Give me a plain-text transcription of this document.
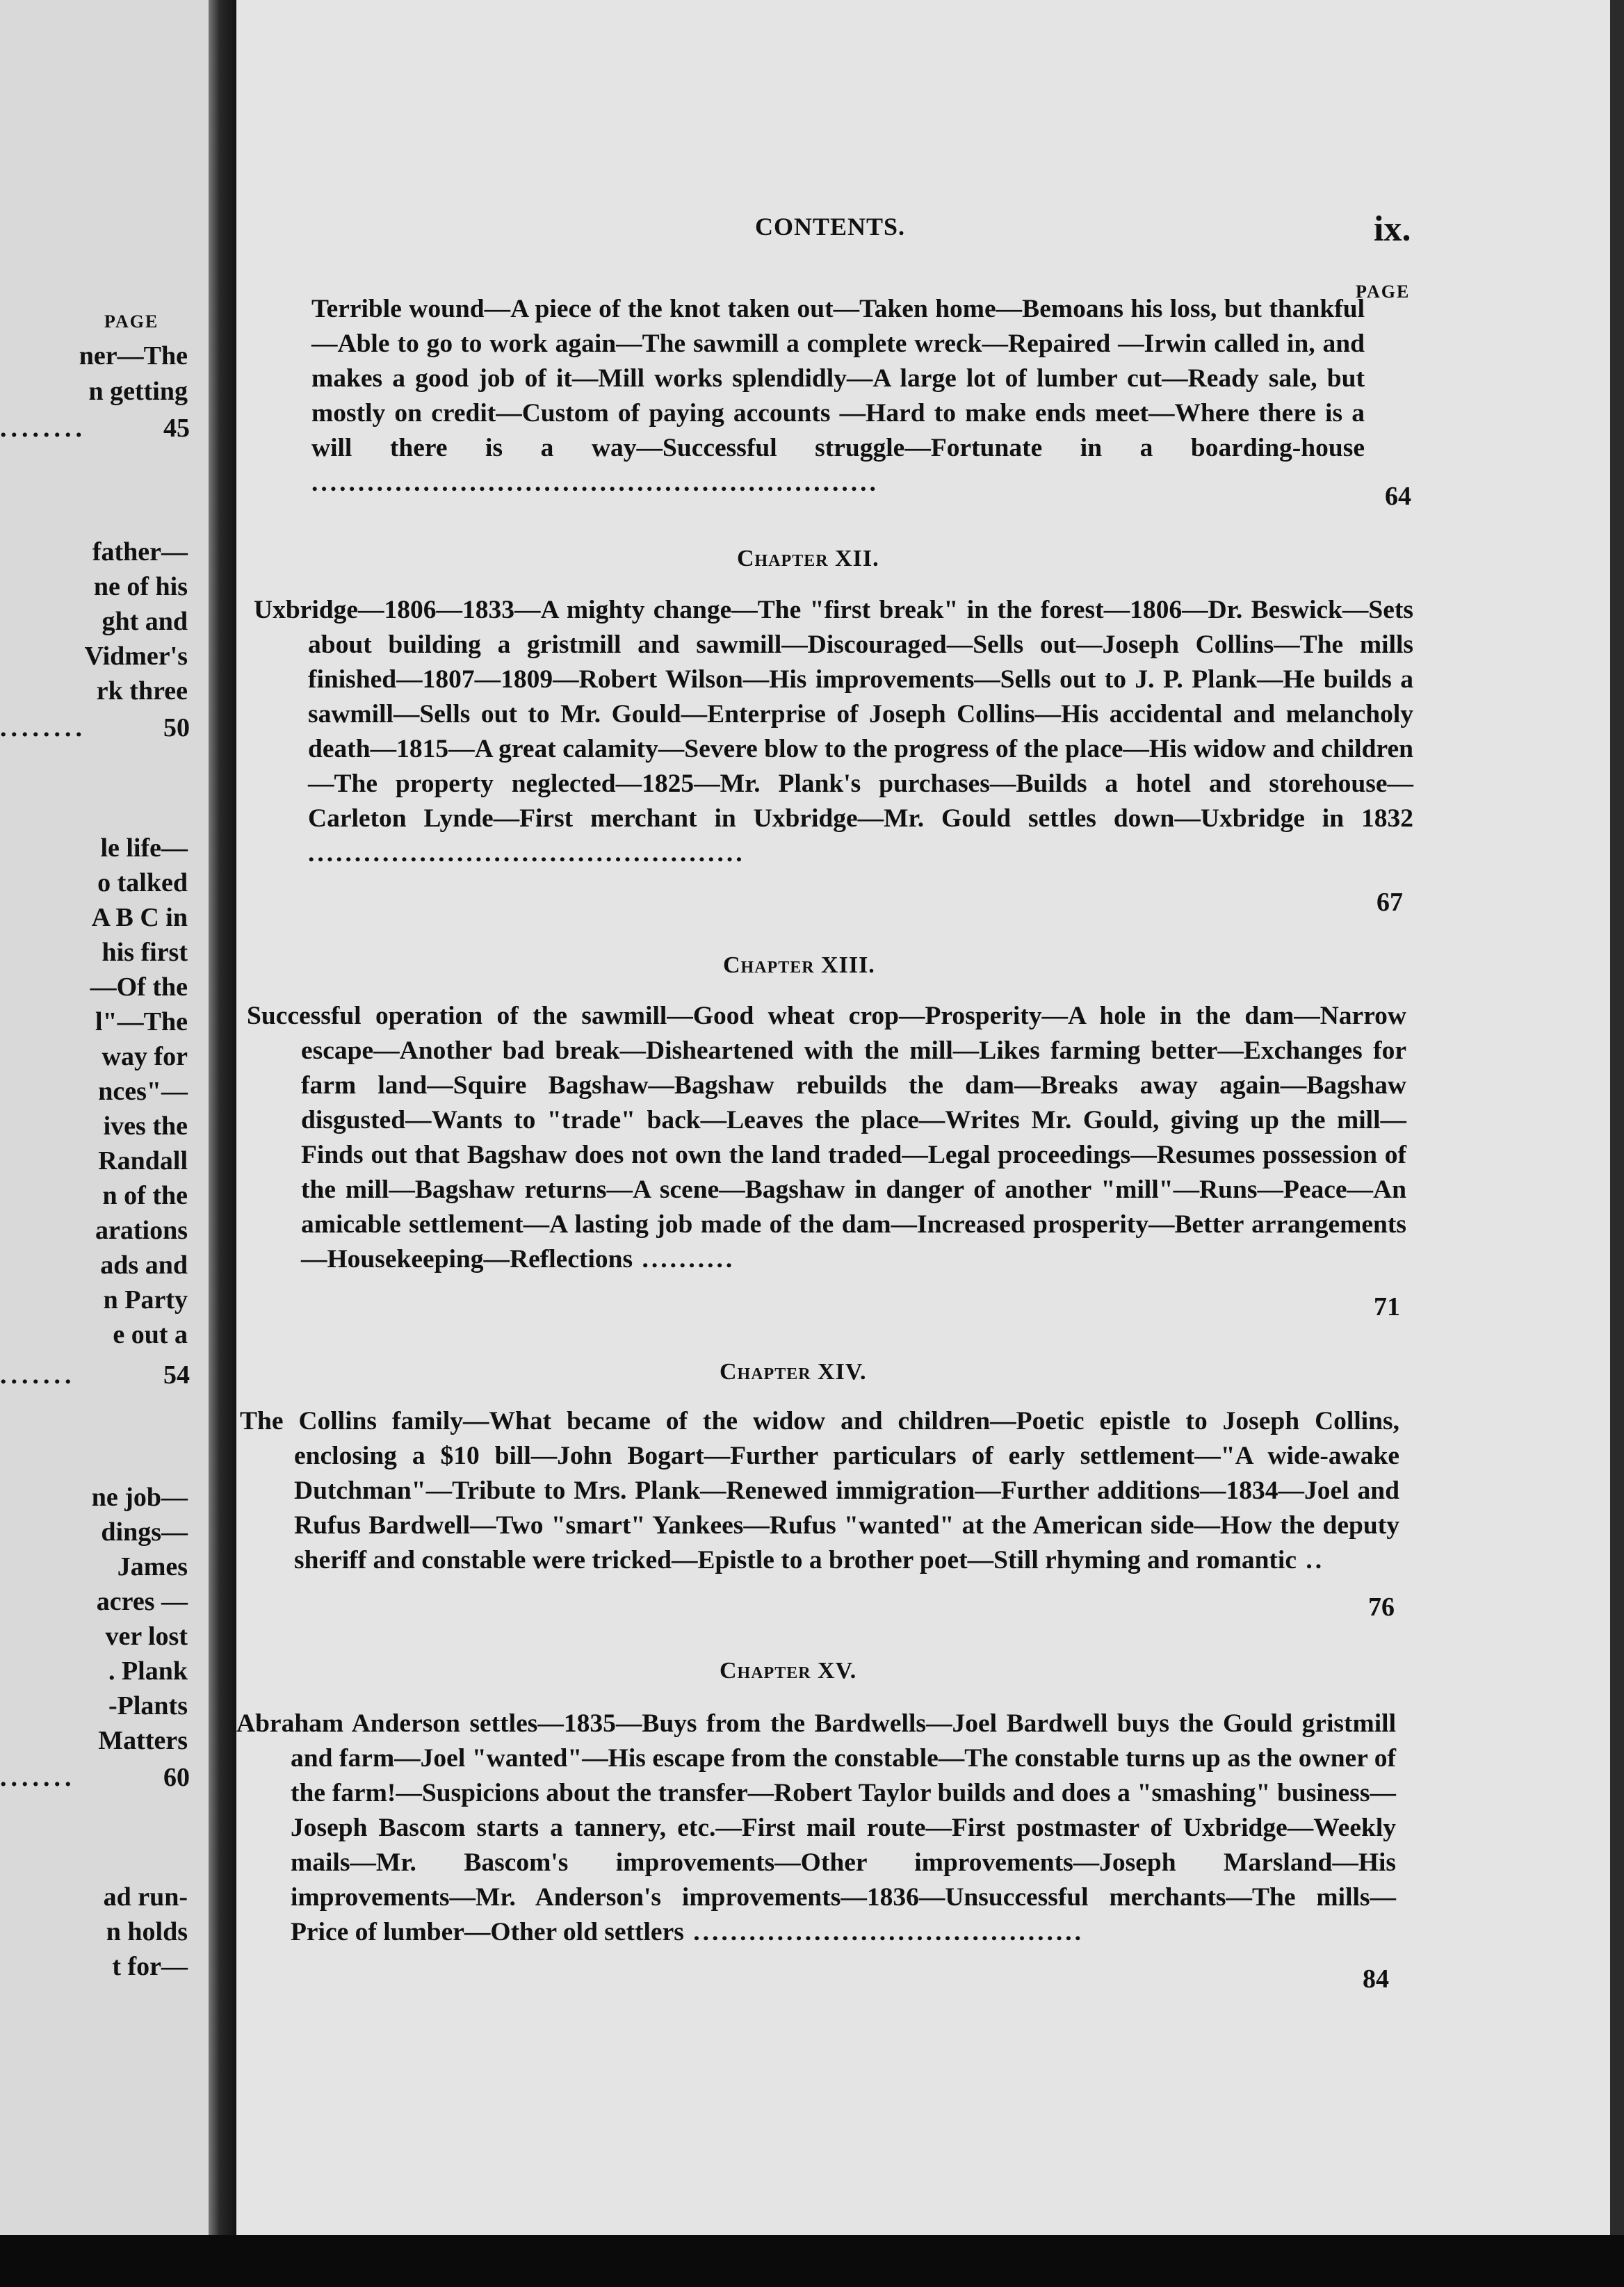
PAGE
ner—The
n getting
........	45
father—
ne of his
ght and
Vidmer's
rk three
........	50
le life—
o talked
A B C in
his first
—Of the
l"—The
way for
nces"—
ives the
Randall
n of the
arations
ads and
n Party
e out a
.......	54
ne job—
dings—
James
acres —
ver lost
. Plank
-Plants
Matters
.......	60
ad run-
n holds
t for—
CONTENTS.	ix.
PAGE
Terrible wound—A piece of the knot taken out—Taken home—Bemoans his loss, but thankful—Able to go to work again—The sawmill a complete wreck—Repaired —Irwin called in, and makes a good job of it—Mill works splendidly—A large lot of lumber cut—Ready sale, but mostly on credit—Custom of paying accounts —Hard to make ends meet—Where there is a will there is a way—Successful struggle—Fortunate in a boarding-house .............................................................	64
Chapter XII.
Uxbridge—1806—1833—A mighty change—The "first break" in the forest—1806—Dr. Beswick—Sets about building a gristmill and sawmill—Discouraged—Sells out—Joseph Collins—The mills finished—1807—1809—Robert Wilson—His improvements—Sells out to J. P. Plank—He builds a sawmill—Sells out to Mr. Gould—Enterprise of Joseph Collins—His accidental and melancholy death—1815—A great calamity—Severe blow to the progress of the place—His widow and children—The property neglected—1825—Mr. Plank's purchases—Builds a hotel and storehouse—Carleton Lynde—First merchant in Uxbridge—Mr. Gould settles down—Uxbridge in 1832 ...............................................
67
Chapter XIII.
Successful operation of the sawmill—Good wheat crop—Prosperity—A hole in the dam—Narrow escape—Another bad break—Disheartened with the mill—Likes farming better—Exchanges for farm land—Squire Bagshaw—Bagshaw rebuilds the dam—Breaks away again—Bagshaw disgusted—Wants to "trade" back—Leaves the place—Writes Mr. Gould, giving up the mill—Finds out that Bagshaw does not own the land traded—Legal proceedings—Resumes possession of the mill—Bagshaw returns—A scene—Bagshaw in danger of another "mill"—Runs—Peace—An amicable settlement—A lasting job made of the dam—Increased prosperity—Better arrangements—Housekeeping—Reflections ..........
71
Chapter XIV.
The Collins family—What became of the widow and children—Poetic epistle to Joseph Collins, enclosing a $10 bill—John Bogart—Further particulars of early settlement—"A wide-awake Dutchman"—Tribute to Mrs. Plank—Renewed immigration—Further additions—1834—Joel and Rufus Bardwell—Two "smart" Yankees—Rufus "wanted" at the American side—How the deputy sheriff and constable were tricked—Epistle to a brother poet—Still rhyming and romantic ..
76
Chapter XV.
Abraham Anderson settles—1835—Buys from the Bardwells—Joel Bardwell buys the Gould gristmill and farm—Joel "wanted"—His escape from the constable—The constable turns up as the owner of the farm!—Suspicions about the transfer—Robert Taylor builds and does a "smashing" business—Joseph Bascom starts a tannery, etc.—First mail route—First postmaster of Uxbridge—Weekly mails—Mr. Bascom's improvements—Other improvements—Joseph Marsland—His improvements—Mr. Anderson's improvements—1836—Unsuccessful merchants—The mills—Price of lumber—Other old settlers ..........................................
84
